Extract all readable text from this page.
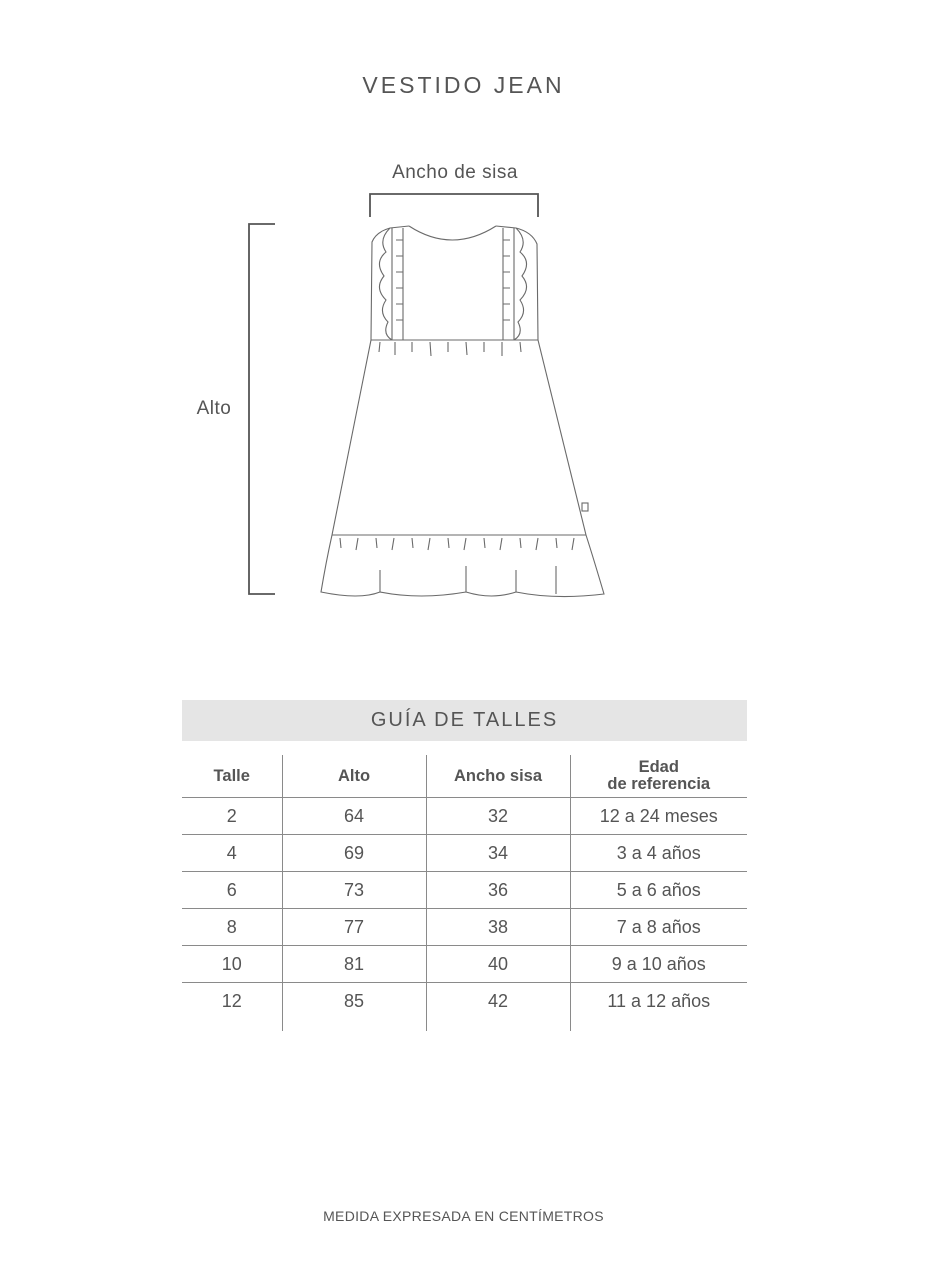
VESTIDO JEAN
Ancho de sisa
Alto
GUÍA DE TALLES
Talle	Alto	Ancho sisa	Edad
de referencia
2	64	32	12 a 24 meses
4	69	34	3 a 4 años
6	73	36	5 a 6 años
8	77	38	7 a 8 años
10	81	40	9 a 10 años
12	85	42	11 a 12 años
MEDIDA EXPRESADA EN CENTÍMETROS
